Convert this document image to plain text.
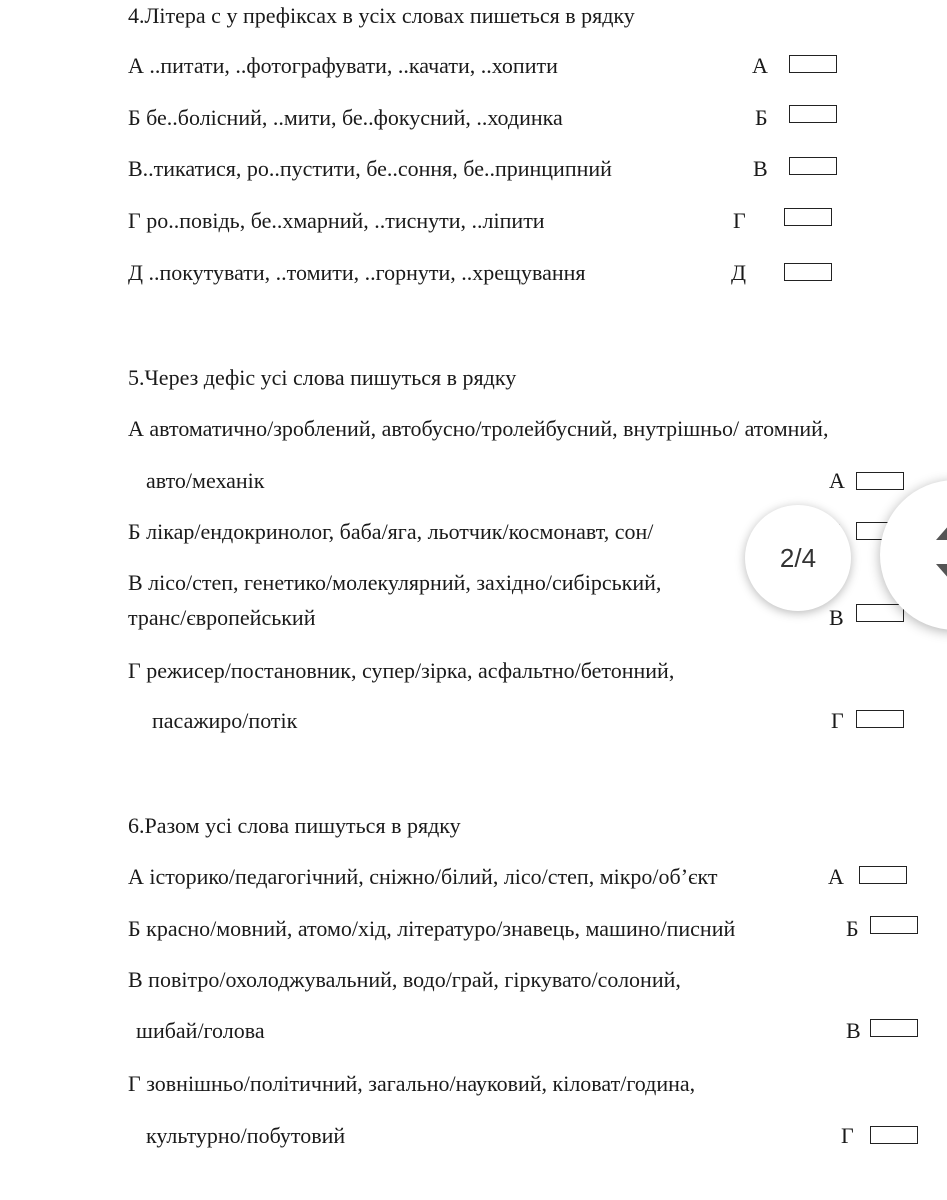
4.Літера с у префіксах в усіх словах пишеться в рядку
А ..питати, ..фотографувати, ..качати, ..хопити	А
Б бе..болісний, ..мити, бе..фокусний, ..ходинка	Б
В..тикатися, ро..пустити, бе..соння, бе..принципний	В
Г ро..повідь, бе..хмарний, ..тиснути, ..ліпити	Г
Д ..покутувати, ..томити, ..горнути, ..хрещування	Д
5.Через дефіс усі слова пишуться в рядку
А автоматично/зроблений, автобусно/тролейбусний, внутрішньо/ атомний,
авто/механік	А
Б лікар/ендокринолог, баба/яга, льотчик/космонавт, сон/
В лісо/степ, генетико/молекулярний, західно/сибірський,
транс/європейський	В
Г режисер/постановник, супер/зірка, асфальтно/бетонний,
пасажиро/потік	Г
6.Разом усі слова пишуться в рядку
А історико/педагогічний, сніжно/білий, лісо/степ, мікро/об’єкт	А
Б красно/мовний, атомо/хід, літературо/знавець, машино/писний	Б
В повітро/охолоджувальний, водо/грай, гіркувато/солоний,
шибай/голова	В
Г зовнішньо/політичний, загально/науковий, кіловат/година,
культурно/побутовий	Г
2/4
